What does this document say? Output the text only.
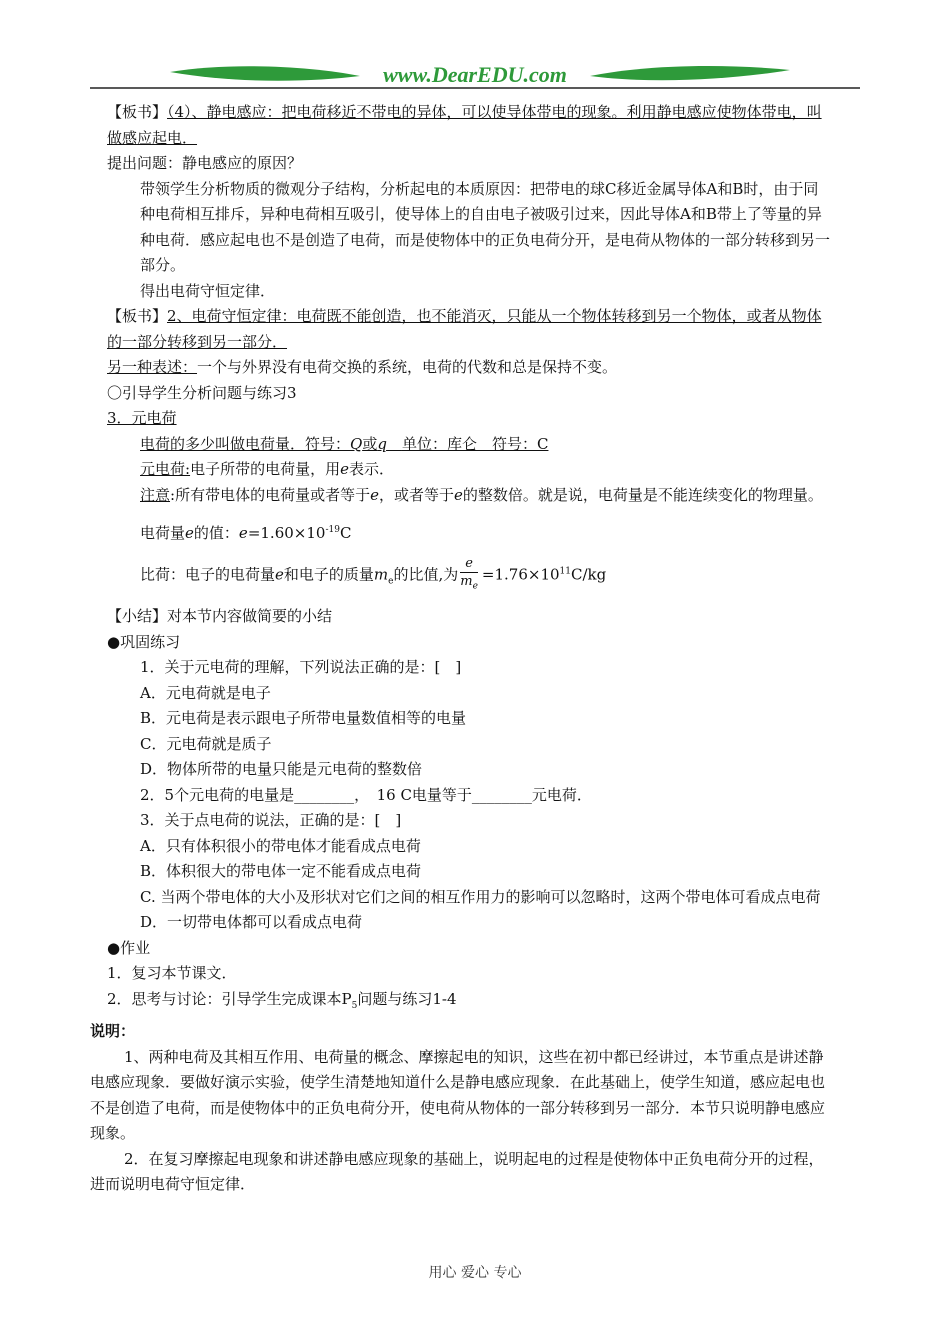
www.DearEDU.com

【板书】（4）、静电感应：把电荷移近不带电的异体，可以使导体带电的现象。利用静电感应使物体带电，叫做感应起电．

提出问题：静电感应的原因？

带领学生分析物质的微观分子结构，分析起电的本质原因：把带电的球C移近金属导体A和B时，由于同种电荷相互排斥，异种电荷相互吸引，使导体上的自由电子被吸引过来，因此导体A和B带上了等量的异种电荷．感应起电也不是创造了电荷，而是使物体中的正负电荷分开，是电荷从物体的一部分转移到另一部分。

得出电荷守恒定律．

【板书】2、电荷守恒定律：电荷既不能创造，也不能消灭，只能从一个物体转移到另一个物体，或者从物体的一部分转移到另一部分．

另一种表述：一个与外界没有电荷交换的系统，电荷的代数和总是保持不变。

〇引导学生分析问题与练习3

3．元电荷

电荷的多少叫做电荷量．符号：Q或q　 单位：库仑　符号：C

元电荷:电子所带的电荷量，用e表示．

注意:所有带电体的电荷量或者等于e，或者等于e的整数倍。就是说，电荷量是不能连续变化的物理量。

电荷量e的值：$e=1.60\times 10^{-19}C$

比荷：电子的电荷量e和电子的质量$m_e$的比值,为 $\frac{e}{m_e} =1.76\times 10^{11}C/kg$

【小结】对本节内容做简要的小结

●巩固练习

1．关于元电荷的理解，下列说法正确的是：[　]

A．元电荷就是电子

B．元电荷是表示跟电子所带电量数值相等的电量

C．元电荷就是质子

D．物体所带的电量只能是元电荷的整数倍

2．5个元电荷的电量是________，　16 C电量等于________元电荷．

3．关于点电荷的说法，正确的是：[　]

A．只有体积很小的带电体才能看成点电荷

B．体积很大的带电体一定不能看成点电荷

C. 当两个带电体的大小及形状对它们之间的相互作用力的影响可以忽略时，这两个带电体可看成点电荷

D．一切带电体都可以看成点电荷

●作业

1．复习本节课文．

2．思考与讨论：引导学生完成课本$P_5$问题与练习1-4

说明：

1、两种电荷及其相互作用、电荷量的概念、摩擦起电的知识，这些在初中都已经讲过，本节重点是讲述静电感应现象．要做好演示实验，使学生清楚地知道什么是静电感应现象．在此基础上，使学生知道，感应起电也不是创造了电荷，而是使物体中的正负电荷分开，使电荷从物体的一部分转移到另一部分．本节只说明静电感应现象。

2．在复习摩擦起电现象和讲述静电感应现象的基础上，说明起电的过程是使物体中正负电荷分开的过程，进而说明电荷守恒定律．

用心 爱心 专心
